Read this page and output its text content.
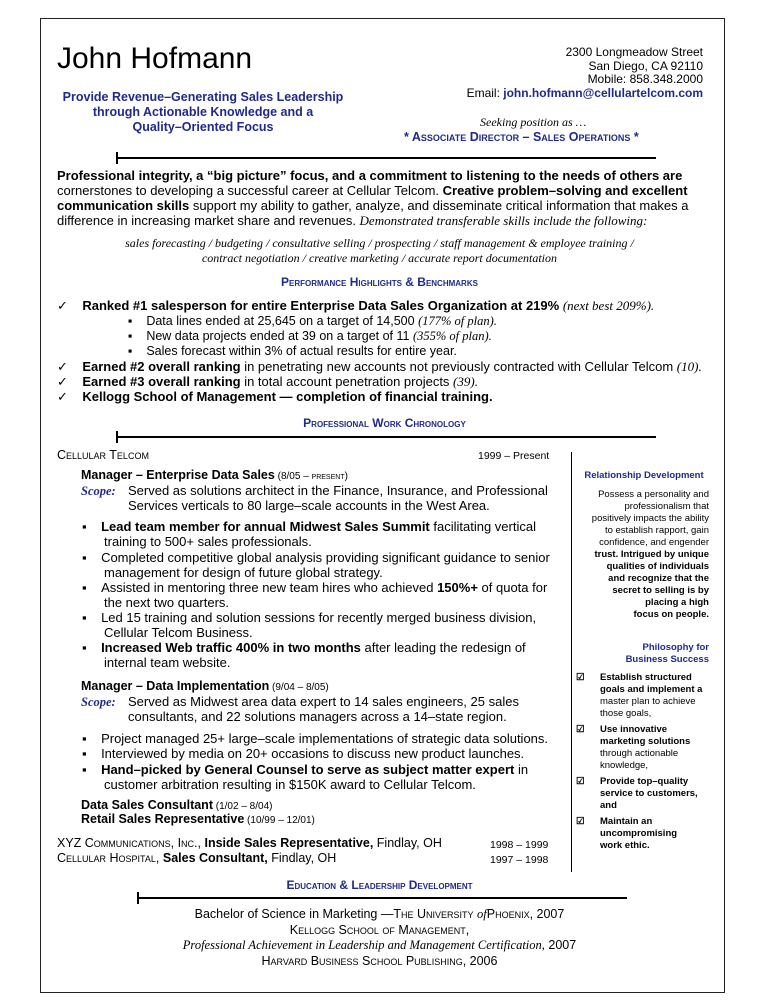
John Hofmann
Provide Revenue–Generating Sales Leadership
through Actionable Knowledge and a
Quality–Oriented Focus
2300 Longmeadow Street
San Diego, CA 92110
Mobile: 858.348.2000
Email: john.hofmann@cellulartelcom.com
Seeking position as …
* Associate Director – Sales Operations *
Professional integrity, a “big picture” focus, and a commitment to listening to the needs of others are
cornerstones to developing a successful career at Cellular Telcom. Creative problem–solving and excellent
communication skills support my ability to gather, analyze, and disseminate critical information that makes a
difference in increasing market share and revenues. Demonstrated transferable skills include the following:
sales forecasting / budgeting / consultative selling / prospecting / staff management & employee training /
contract negotiation / creative marketing / accurate report documentation
Performance Highlights & Benchmarks
✓    Ranked #1 salesperson for entire Enterprise Data Sales Organization at 219% (next best 209%).
▪    Data lines ended at 25,645 on a target of 14,500 (177% of plan).
▪    New data projects ended at 39 on a target of 11 (355% of plan).
▪    Sales forecast within 3% of actual results for entire year.
✓    Earned #2 overall ranking in penetrating new accounts not previously contracted with Cellular Telcom (10).
✓    Earned #3 overall ranking in total account penetration projects (39).
✓    Kellogg School of Management — completion of financial training.
Professional Work Chronology
Cellular Telcom	1999 – Present
Manager – Enterprise Data Sales (8/05 – present)
Scope: Served as solutions architect in the Finance, Insurance, and Professional
Services verticals to 80 large–scale accounts in the West Area.
▪    Lead team member for annual Midwest Sales Summit facilitating vertical
training to 500+ sales professionals.
▪    Completed competitive global analysis providing significant guidance to senior
management for design of future global strategy.
▪    Assisted in mentoring three new team hires who achieved 150%+ of quota for
the next two quarters.
▪    Led 15 training and solution sessions for recently merged business division,
Cellular Telcom Business.
▪    Increased Web traffic 400% in two months after leading the redesign of
internal team website.
Manager – Data Implementation (9/04 – 8/05)
Scope: Served as Midwest area data expert to 14 sales engineers, 25 sales
consultants, and 22 solutions managers across a 14–state region.
▪    Project managed 25+ large–scale implementations of strategic data solutions.
▪    Interviewed by media on 20+ occasions to discuss new product launches.
▪    Hand–picked by General Counsel to serve as subject matter expert in
customer arbitration resulting in $150K award to Cellular Telcom.
Data Sales Consultant (1/02 – 8/04)
Retail Sales Representative (10/99 – 12/01)
XYZ Communications, Inc., Inside Sales Representative, Findlay, OH	1998 – 1999
Cellular Hospital, Sales Consultant, Findlay, OH	1997 – 1998
Relationship Development
Possess a personality and
professionalism that
positively impacts the ability
to establish rapport, gain
confidence, and engender
trust. Intrigued by unique
qualities of individuals
and recognize that the
secret to selling is by
placing a high
focus on people.
Philosophy for
Business Success
☑ Establish structured
goals and implement a
master plan to achieve
those goals,
☑ Use innovative
marketing solutions
through actionable
knowledge,
☑ Provide top–quality
service to customers,
and
☑ Maintain an
uncompromising
work ethic.
Education & Leadership Development
Bachelor of Science in Marketing —The University ofPhoenix, 2007
Kellogg School of Management,
Professional Achievement in Leadership and Management Certification, 2007
Harvard Business School Publishing, 2006
